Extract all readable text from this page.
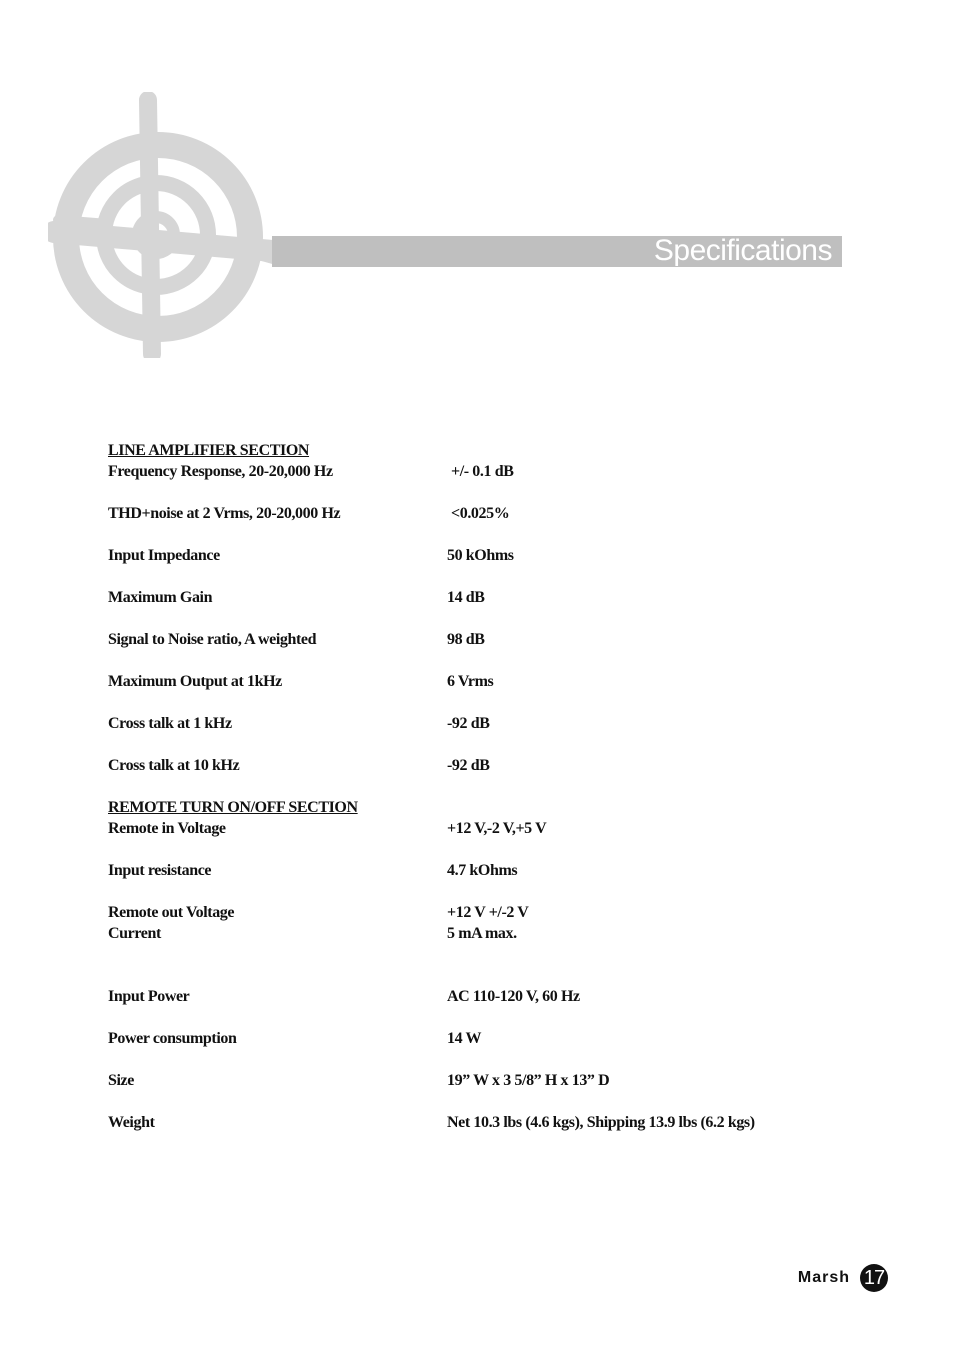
Specifications
LINE AMPLIFIER SECTION
Frequency Response, 20-20,000 Hz	+/- 0.1 dB
THD+noise at 2 Vrms, 20-20,000 Hz	<0.025%
Input Impedance	50 kOhms
Maximum Gain	14 dB
Signal to Noise ratio, A weighted	98 dB
Maximum Output at 1kHz	6 Vrms
Cross talk at 1 kHz	-92 dB
Cross talk at 10 kHz	-92 dB
REMOTE TURN ON/OFF SECTION
Remote in Voltage	+12 V,-2 V,+5 V
Input resistance	4.7 kOhms
Remote out Voltage	+12 V +/-2 V
Current	5 mA max.
Input Power	AC 110-120 V, 60 Hz
Power consumption	14 W
Size	19” W x 3 5/8” H x 13” D
Weight	Net 10.3 lbs (4.6 kgs), Shipping 13.9 lbs (6.2 kgs)
Marsh 17
